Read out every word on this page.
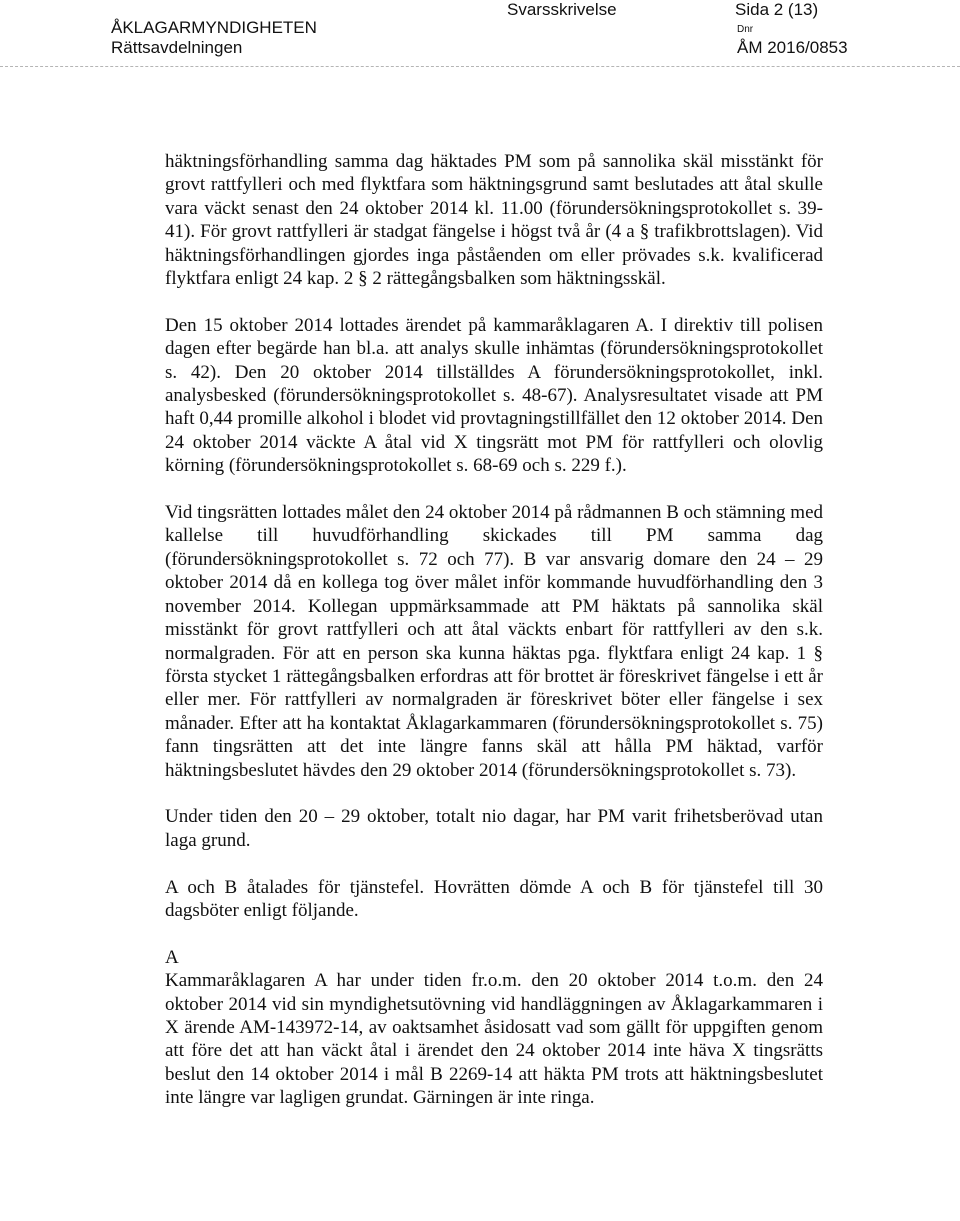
ÅKLAGARMYNDIGHETEN
Rättsavdelningen
Svarsskrivelse	Sida 2 (13)
Dnr
ÅM 2016/0853

häktningsförhandling samma dag häktades PM som på sannolika skäl misstänkt för grovt rattfylleri och med flyktfara som häktningsgrund samt beslutades att åtal skulle vara väckt senast den 24 oktober 2014 kl. 11.00 (förundersökningsprotokollet s. 39-41). För grovt rattfylleri är stadgat fängelse i högst två år (4 a § trafikbrottslagen). Vid häktningsförhandlingen gjordes inga påståenden om eller prövades s.k. kvalificerad flyktfara enligt 24 kap. 2 § 2 rättegångsbalken som häktningsskäl.

Den 15 oktober 2014 lottades ärendet på kammaråklagaren A. I direktiv till polisen dagen efter begärde han bl.a. att analys skulle inhämtas (förundersökningsprotokollet s. 42). Den 20 oktober 2014 tillställdes A förundersökningsprotokollet, inkl. analysbesked (förundersökningsprotokollet s. 48-67). Analysresultatet visade att PM haft 0,44 promille alkohol i blodet vid provtagningstillfället den 12 oktober 2014. Den 24 oktober 2014 väckte A åtal vid X tingsrätt mot PM för rattfylleri och olovlig körning (förundersökningsprotokollet s. 68-69 och s. 229 f.).

Vid tingsrätten lottades målet den 24 oktober 2014 på rådmannen B och stämning med kallelse till huvudförhandling skickades till PM samma dag (förundersökningsprotokollet s. 72 och 77). B var ansvarig domare den 24 – 29 oktober 2014 då en kollega tog över målet inför kommande huvudförhandling den 3 november 2014. Kollegan uppmärksammade att PM häktats på sannolika skäl misstänkt för grovt rattfylleri och att åtal väckts enbart för rattfylleri av den s.k. normalgraden. För att en person ska kunna häktas pga. flyktfara enligt 24 kap. 1 § första stycket 1 rättegångsbalken erfordras att för brottet är föreskrivet fängelse i ett år eller mer. För rattfylleri av normalgraden är föreskrivet böter eller fängelse i sex månader. Efter att ha kontaktat Åklagarkammaren (förundersökningsprotokollet s. 75) fann tingsrätten att det inte längre fanns skäl att hålla PM häktad, varför häktningsbeslutet hävdes den 29 oktober 2014 (förundersökningsprotokollet s. 73).

Under tiden den 20 – 29 oktober, totalt nio dagar, har PM varit frihetsberövad utan laga grund.

A och B åtalades för tjänstefel. Hovrätten dömde A och B för tjänstefel till 30 dagsböter enligt följande.

A

Kammaråklagaren A har under tiden fr.o.m. den 20 oktober 2014 t.o.m. den 24 oktober 2014 vid sin myndighetsutövning vid handläggningen av Åklagarkammaren i X ärende AM-143972-14, av oaktsamhet åsidosatt vad som gällt för uppgiften genom att före det att han väckt åtal i ärendet den 24 oktober 2014 inte häva X tingsrätts beslut den 14 oktober 2014 i mål B 2269-14 att häkta PM trots att häktningsbeslutet inte längre var lagligen grundat. Gärningen är inte ringa.
